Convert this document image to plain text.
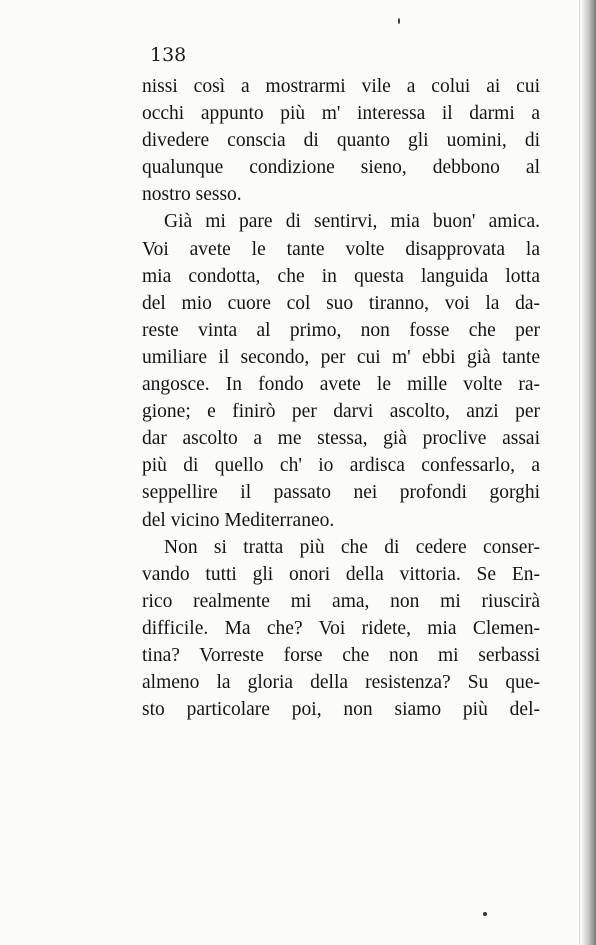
138
nissi così a mostrarmi vile a colui ai cui
occhi appunto più m' interessa il darmi a
divedere conscia di quanto gli uomini, di
qualunque condizione sieno, debbono al
nostro sesso.
Già mi pare di sentirvi, mia buon' amica.
Voi avete le tante volte disapprovata la
mia condotta, che in questa languida lotta
del mio cuore col suo tiranno, voi la da-
reste vinta al primo, non fosse che per
umiliare il secondo, per cui m' ebbi già tante
angosce. In fondo avete le mille volte ra-
gione; e finirò per darvi ascolto, anzi per
dar ascolto a me stessa, già proclive assai
più di quello ch' io ardisca confessarlo, a
seppellire il passato nei profondi gorghi
del vicino Mediterraneo.
Non si tratta più che di cedere conser-
vando tutti gli onori della vittoria. Se En-
rico realmente mi ama, non mi riuscirà
difficile. Ma che? Voi ridete, mia Clemen-
tina? Vorreste forse che non mi serbassi
almeno la gloria della resistenza? Su que-
sto particolare poi, non siamo più del-
